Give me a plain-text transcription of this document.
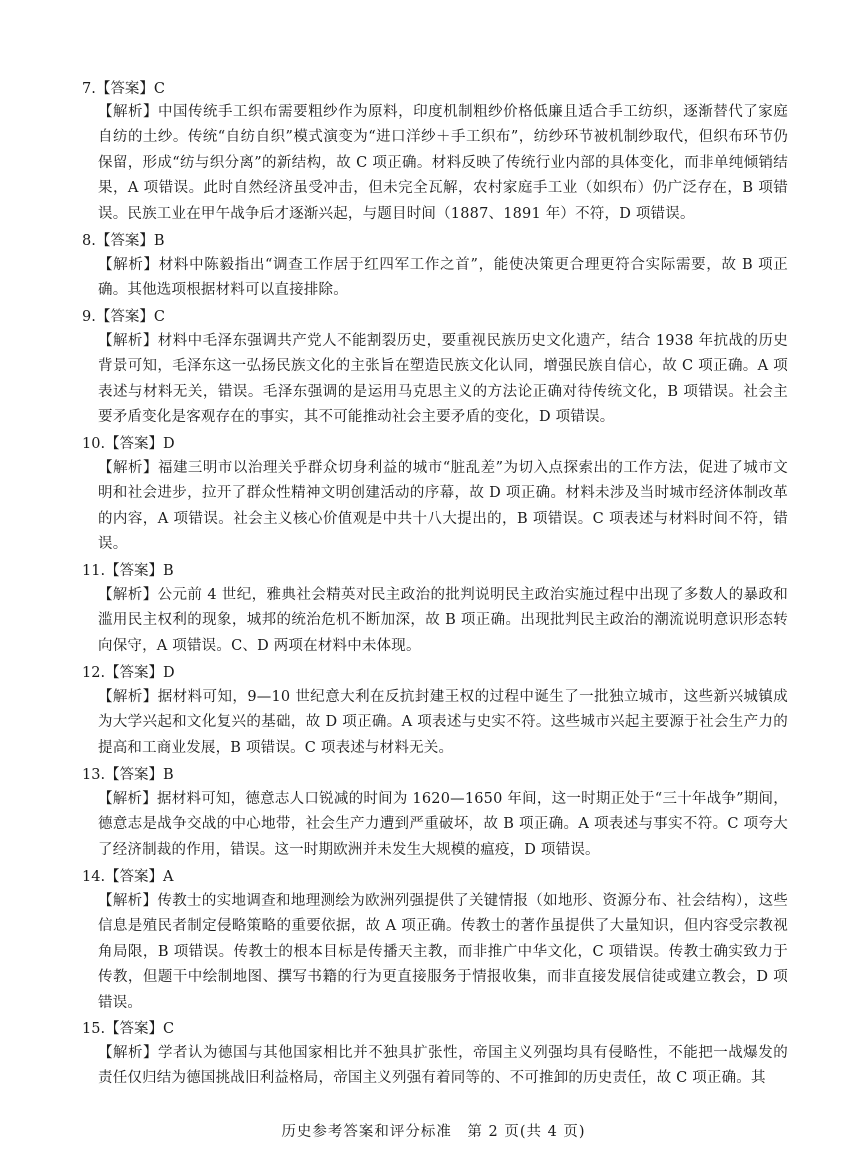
7.【答案】C
【解析】中国传统手工织布需要粗纱作为原料，印度机制粗纱价格低廉且适合手工纺织，逐渐替代了家庭自纺的土纱。传统“自纺自织”模式演变为“进口洋纱＋手工织布”，纺纱环节被机制纱取代，但织布环节仍保留，形成“纺与织分离”的新结构，故 C 项正确。材料反映了传统行业内部的具体变化，而非单纯倾销结果，A 项错误。此时自然经济虽受冲击，但未完全瓦解，农村家庭手工业（如织布）仍广泛存在，B 项错误。民族工业在甲午战争后才逐渐兴起，与题目时间（1887、1891 年）不符，D 项错误。
8.【答案】B
【解析】材料中陈毅指出“调查工作居于红四军工作之首”，能使决策更合理更符合实际需要，故 B 项正确。其他选项根据材料可以直接排除。
9.【答案】C
【解析】材料中毛泽东强调共产党人不能割裂历史，要重视民族历史文化遗产，结合 1938 年抗战的历史背景可知，毛泽东这一弘扬民族文化的主张旨在塑造民族文化认同，增强民族自信心，故 C 项正确。A 项表述与材料无关，错误。毛泽东强调的是运用马克思主义的方法论正确对待传统文化，B 项错误。社会主要矛盾变化是客观存在的事实，其不可能推动社会主要矛盾的变化，D 项错误。
10.【答案】D
【解析】福建三明市以治理关乎群众切身利益的城市“脏乱差”为切入点探索出的工作方法，促进了城市文明和社会进步，拉开了群众性精神文明创建活动的序幕，故 D 项正确。材料未涉及当时城市经济体制改革的内容，A 项错误。社会主义核心价值观是中共十八大提出的，B 项错误。C 项表述与材料时间不符，错误。
11.【答案】B
【解析】公元前 4 世纪，雅典社会精英对民主政治的批判说明民主政治实施过程中出现了多数人的暴政和滥用民主权利的现象，城邦的统治危机不断加深，故 B 项正确。出现批判民主政治的潮流说明意识形态转向保守，A 项错误。C、D 两项在材料中未体现。
12.【答案】D
【解析】据材料可知，9—10 世纪意大利在反抗封建王权的过程中诞生了一批独立城市，这些新兴城镇成为大学兴起和文化复兴的基础，故 D 项正确。A 项表述与史实不符。这些城市兴起主要源于社会生产力的提高和工商业发展，B 项错误。C 项表述与材料无关。
13.【答案】B
【解析】据材料可知，德意志人口锐减的时间为 1620—1650 年间，这一时期正处于“三十年战争”期间，德意志是战争交战的中心地带，社会生产力遭到严重破坏，故 B 项正确。A 项表述与事实不符。C 项夸大了经济制裁的作用，错误。这一时期欧洲并未发生大规模的瘟疫，D 项错误。
14.【答案】A
【解析】传教士的实地调查和地理测绘为欧洲列强提供了关键情报（如地形、资源分布、社会结构），这些信息是殖民者制定侵略策略的重要依据，故 A 项正确。传教士的著作虽提供了大量知识，但内容受宗教视角局限，B 项错误。传教士的根本目标是传播天主教，而非推广中华文化，C 项错误。传教士确实致力于传教，但题干中绘制地图、撰写书籍的行为更直接服务于情报收集，而非直接发展信徒或建立教会，D 项错误。
15.【答案】C
【解析】学者认为德国与其他国家相比并不独具扩张性，帝国主义列强均具有侵略性，不能把一战爆发的责任仅归结为德国挑战旧利益格局，帝国主义列强有着同等的、不可推卸的历史责任，故 C 项正确。其
历史参考答案和评分标准　第 2 页(共 4 页)
